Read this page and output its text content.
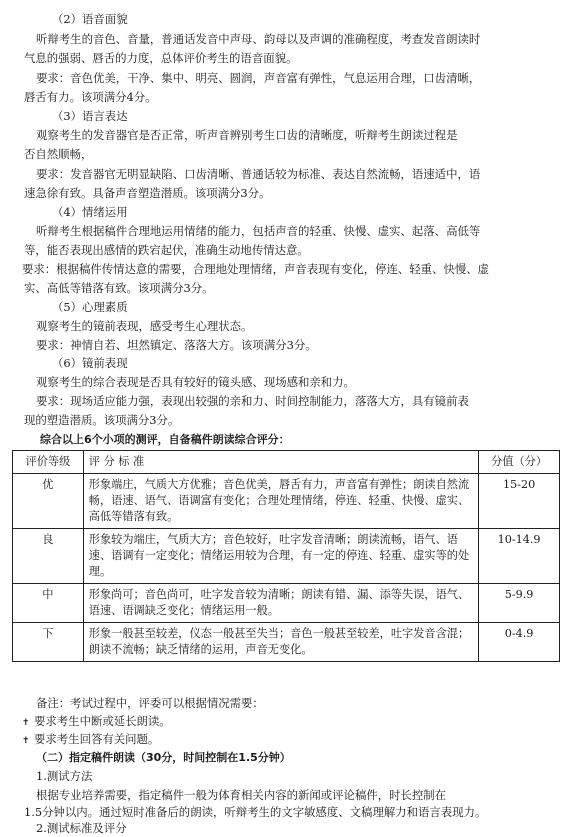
（2）语音面貌

听辩考生的音色、音量，普通话发音中声母、韵母以及声调的准确程度，考查发音朗读时

气息的强弱、唇舌的力度，总体评价考生的语音面貌。

要求：音色优美，干净、集中、明亮、圆润，声音富有弹性，气息运用合理，口齿清晰，

唇舌有力。该项满分4分。

（3）语言表达

观察考生的发音器官是否正常，听声音辨别考生口齿的清晰度，听辩考生朗读过程是

否自然顺畅，

要求：发音器官无明显缺陷、口齿清晰、普通话较为标准、表达自然流畅，语速适中，语

速急徐有致。具备声音塑造潜质。该项满分3分。

（4）情绪运用

听辩考生根据稿件合理地运用情绪的能力，包括声音的轻重、快慢、虚实、起落、高低等

等，能否表现出感情的跌宕起伏，准确生动地传情达意。

要求：根据稿件传情达意的需要，合理地处理情绪，声音表现有变化，停连、轻重、快慢、虚

实、高低等错落有致。该项满分3分。

（5）心理素质

观察考生的镜前表现，感受考生心理状态。

要求：神情自若、坦然镇定、落落大方。该项满分3分。

（6）镜前表现

观察考生的综合表现是否具有较好的镜头感、现场感和亲和力。

要求：现场适应能力强，表现出较强的亲和力、时间控制能力，落落大方，具有镜前表

现的塑造潜质。该项满分3分。

综合以上6个小项的测评，自备稿件朗读综合评分：

评价等级	评 分 标 准	分值（分）
优	形象端庄，气质大方优雅；音色优美，唇舌有力，声音富有弹性；朗读自然流畅，语速、语气、语调富有变化；合理处理情绪，停连、轻重、快慢、虚实、高低等错落有致。	15-20
良	形象较为端庄，气质大方；音色较好，吐字发音清晰；朗读流畅，语气、语速、语调有一定变化；情绪运用较为合理，有一定的停连、轻重、虚实等的处理。	10-14.9
中	形象尚可；音色尚可，吐字发音较为清晰；朗读有错、漏、添等失误，语气、语速、语调缺乏变化；情绪运用一般。	5-9.9
下	形象一般甚至较差，仪态一般甚至失当；音色一般甚至较差，吐字发音含混；朗读不流畅；缺乏情绪的运用，声音无变化。	0-4.9

备注：考试过程中，评委可以根据情况需要：

✝ 要求考生中断或延长朗读。

✝ 要求考生回答有关问题。

（二）指定稿件朗读（30分，时间控制在1.5分钟）

1.测试方法

根据专业培养需要，指定稿件一般为体育相关内容的新闻或评论稿件，时长控制在

1.5分钟以内。通过短时准备后的朗读，听辩考生的文字敏感度、文稿理解力和语言表现力。

2.测试标准及评分
